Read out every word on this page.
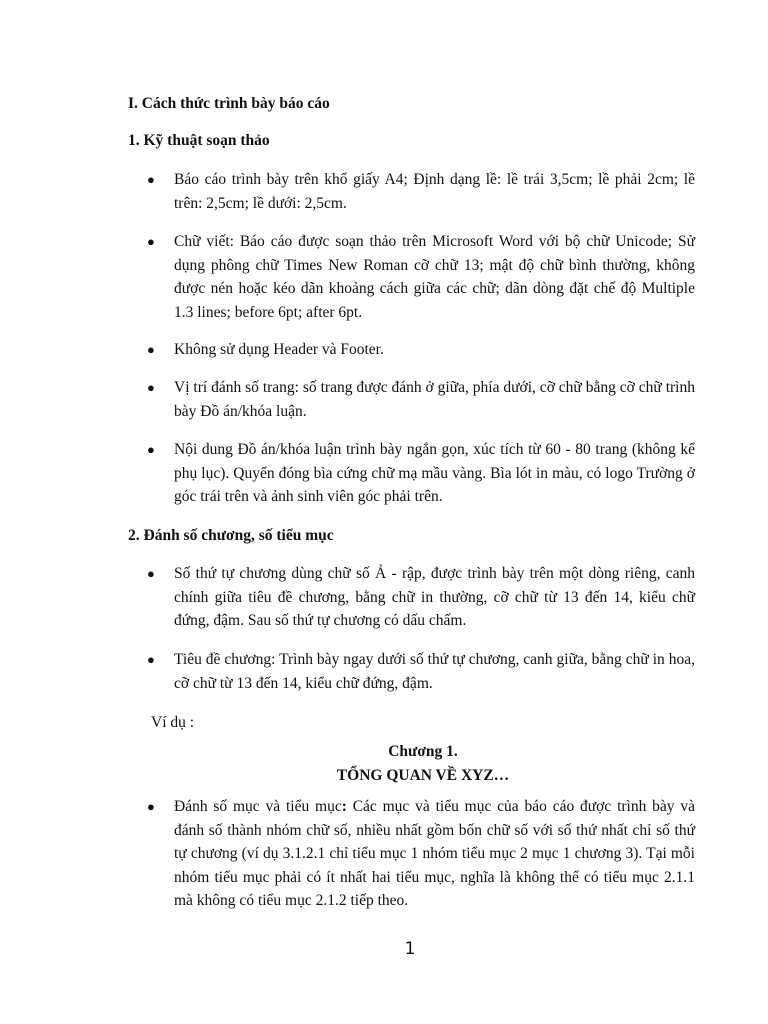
I. Cách thức trình bày báo cáo
1. Kỹ thuật soạn thảo
● Báo cáo trình bày trên khổ giấy A4; Định dạng lề: lề trái 3,5cm; lề phải 2cm; lề trên: 2,5cm; lề dưới: 2,5cm.
● Chữ viết: Báo cáo được soạn thảo trên Microsoft Word với bộ chữ Unicode; Sử dụng phông chữ Times New Roman cỡ chữ 13; mật độ chữ bình thường, không được nén hoặc kéo dãn khoảng cách giữa các chữ; dãn dòng đặt chế độ Multiple 1.3 lines; before 6pt; after 6pt.
● Không sử dụng Header và Footer.
● Vị trí đánh số trang: số trang được đánh ở giữa, phía dưới, cỡ chữ bằng cỡ chữ trình bày Đồ án/khóa luận.
● Nội dung Đồ án/khóa luận trình bày ngắn gọn, xúc tích từ 60 - 80 trang (không kể phụ lục). Quyển đóng bìa cứng chữ mạ mầu vàng. Bìa lót in màu, có logo Trường ở góc trái trên và ảnh sinh viên góc phải trên.
2. Đánh số chương, số tiểu mục
● Số thứ tự chương dùng chữ số Ả - rập, được trình bày trên một dòng riêng, canh chính giữa tiêu đề chương, bằng chữ in thường, cỡ chữ từ 13 đến 14, kiểu chữ đứng, đậm. Sau số thứ tự chương có dấu chấm.
● Tiêu đề chương: Trình bày ngay dưới số thứ tự chương, canh giữa, bằng chữ in hoa, cỡ chữ từ 13 đến 14, kiểu chữ đứng, đậm.
Ví dụ :
Chương 1.
TỔNG QUAN VỀ XYZ…
● Đánh số mục và tiểu mục: Các mục và tiểu mục của báo cáo được trình bày và đánh số thành nhóm chữ số, nhiều nhất gồm bốn chữ số với số thứ nhất chỉ số thứ tự chương (ví dụ 3.1.2.1 chỉ tiểu mục 1 nhóm tiểu mục 2 mục 1 chương 3). Tại mỗi nhóm tiểu mục phải có ít nhất hai tiểu mục, nghĩa là không thể có tiểu mục 2.1.1 mà không có tiểu mục 2.1.2 tiếp theo.
1
